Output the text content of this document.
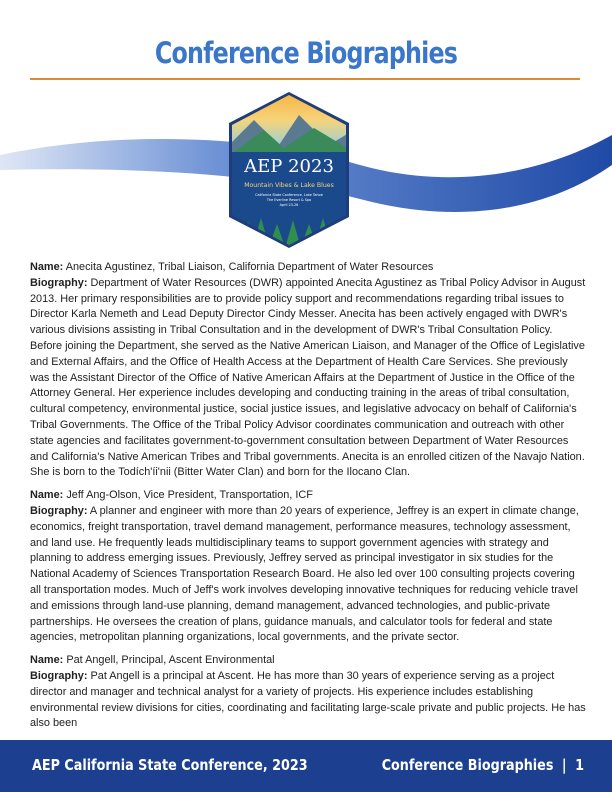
Conference Biographies
AEP 2023
Mountain Vibes & Lake Blues
California State Conference, Lake Tahoe
The Everline Resort & Spa
April 23-26
Name: Anecita Agustinez, Tribal Liaison, California Department of Water Resources
Biography: Department of Water Resources (DWR) appointed Anecita Agustinez as Tribal Policy Advisor in August 2013. Her primary responsibilities are to provide policy support and recommendations regarding tribal issues to Director Karla Nemeth and Lead Deputy Director Cindy Messer. Anecita has been actively engaged with DWR's various divisions assisting in Tribal Consultation and in the development of DWR's Tribal Consultation Policy. Before joining the Department, she served as the Native American Liaison, and Manager of the Office of Legislative and External Affairs, and the Office of Health Access at the Department of Health Care Services. She previously was the Assistant Director of the Office of Native American Affairs at the Department of Justice in the Office of the Attorney General. Her experience includes developing and conducting training in the areas of tribal consultation, cultural competency, environmental justice, social justice issues, and legislative advocacy on behalf of California's Tribal Governments. The Office of the Tribal Policy Advisor coordinates communication and outreach with other state agencies and facilitates government-to-government consultation between Department of Water Resources and California's Native American Tribes and Tribal governments. Anecita is an enrolled citizen of the Navajo Nation. She is born to the Todích'íi'nii (Bitter Water Clan) and born for the Ilocano Clan.
Name: Jeff Ang-Olson, Vice President, Transportation, ICF
Biography: A planner and engineer with more than 20 years of experience, Jeffrey is an expert in climate change, economics, freight transportation, travel demand management, performance measures, technology assessment, and land use. He frequently leads multidisciplinary teams to support government agencies with strategy and planning to address emerging issues. Previously, Jeffrey served as principal investigator in six studies for the National Academy of Sciences Transportation Research Board. He also led over 100 consulting projects covering all transportation modes. Much of Jeff's work involves developing innovative techniques for reducing vehicle travel and emissions through land-use planning, demand management, advanced technologies, and public-private partnerships. He oversees the creation of plans, guidance manuals, and calculator tools for federal and state agencies, metropolitan planning organizations, local governments, and the private sector.
Name: Pat Angell, Principal, Ascent Environmental
Biography: Pat Angell is a principal at Ascent. He has more than 30 years of experience serving as a project director and manager and technical analyst for a variety of projects. His experience includes establishing environmental review divisions for cities, coordinating and facilitating large-scale private and public projects. He has also been
AEP California State Conference, 2023	Conference Biographies | 1
